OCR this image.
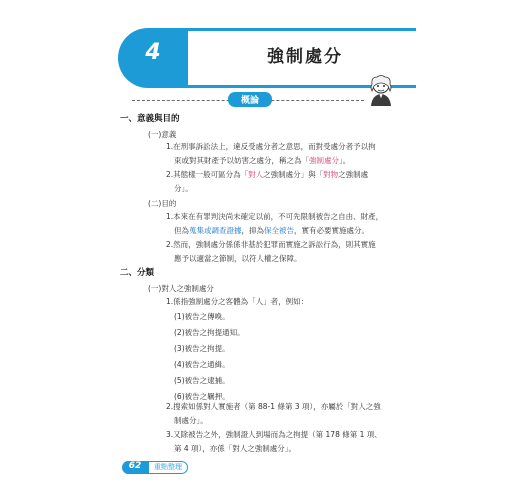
4	強制處分
概論
一、意義與目的
(一)意義
1.在刑事訴訟法上，違反受處分者之意思，而對受處分者予以拘
束或對其財產予以妨害之處分，稱之為「強制處分」。
2.其態樣一般可區分為「對人之強制處分」與「對物之強制處
分」。
(二)目的
1.本來在有罪判決尚未確定以前，不可先限制被告之自由、財產，
但為蒐集或調查證據，抑為保全被告，實有必要實施處分。
2.然而，強制處分係係非基於犯罪而實施之訴訟行為，則其實施
應予以適當之節制，以符人權之保障。
二、分類
(一)對人之強制處分
1.係指強制處分之客體為「人」者，例如：
(1)被告之傳喚。
(2)被告之拘提通知。
(3)被告之拘提。
(4)被告之通緝。
(5)被告之逮捕。
(6)被告之羈押。
2.搜索如係對人實施者（第 88-1 條第 3 項），亦屬於「對人之強
制處分」。
3.又除被告之外，強制證人到場而為之拘提（第 178 條第 1 項、
第 4 項），亦係「對人之強制處分」。
62	重點整理
